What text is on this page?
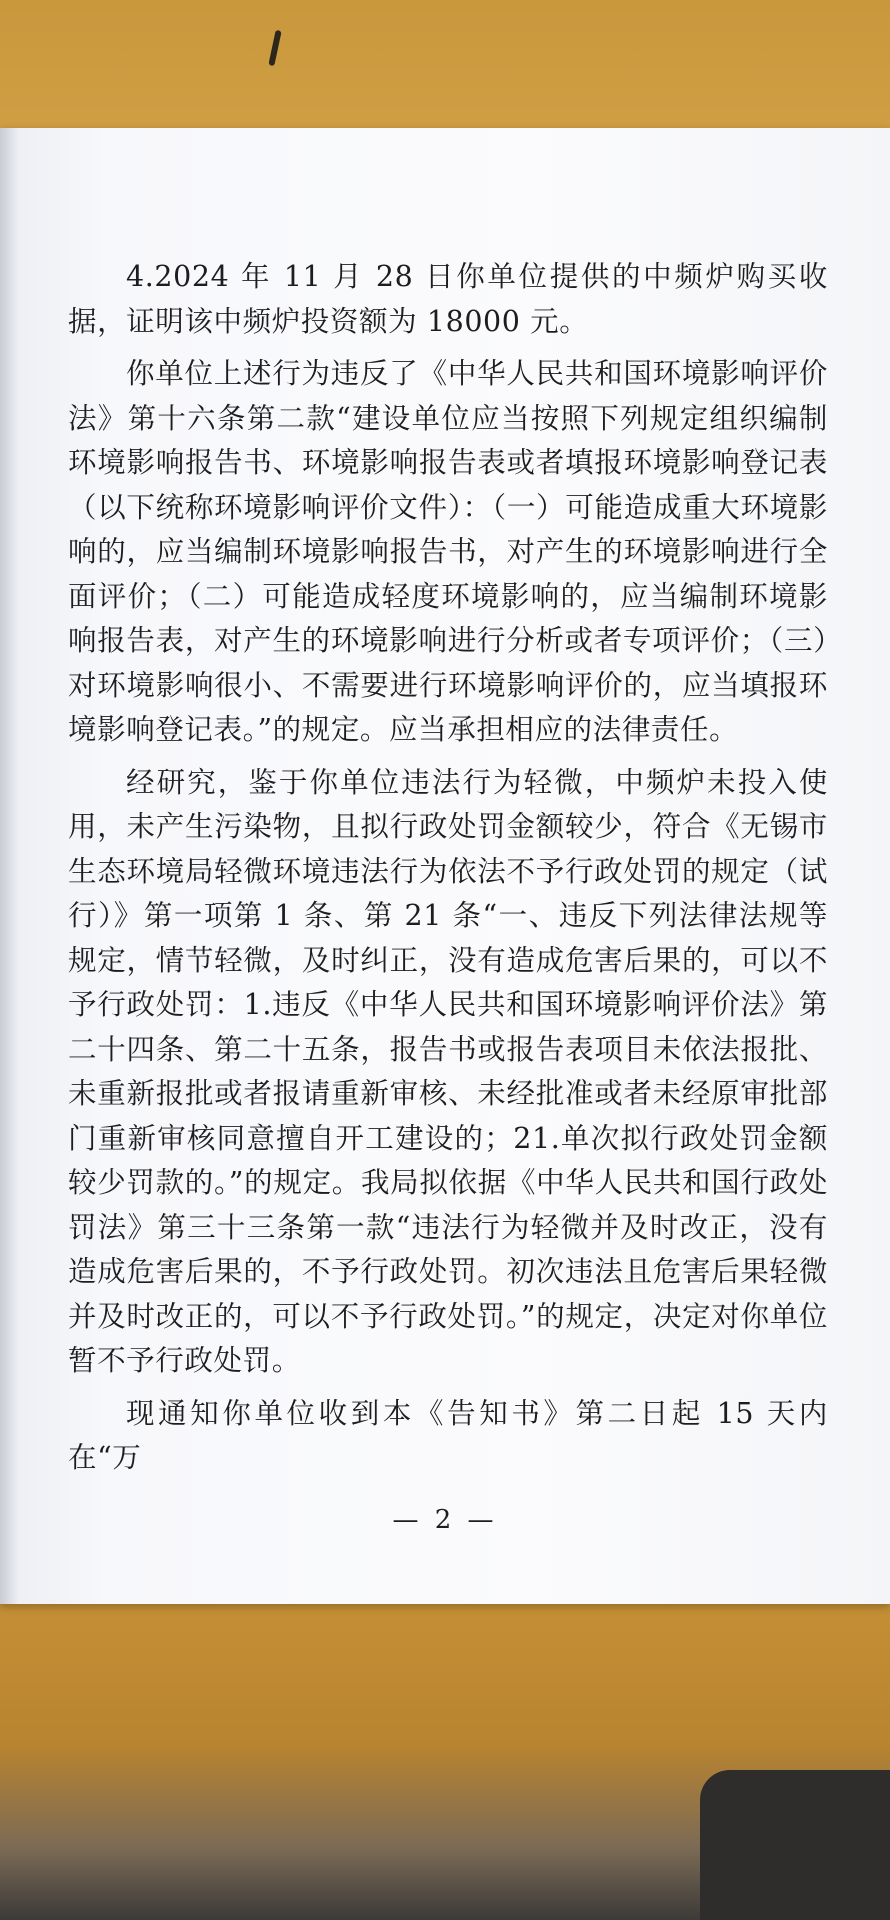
4.2024 年 11 月 28 日你单位提供的中频炉购买收据，证明该中频炉投资额为 18000 元。

你单位上述行为违反了《中华人民共和国环境影响评价法》第十六条第二款“建设单位应当按照下列规定组织编制环境影响报告书、环境影响报告表或者填报环境影响登记表（以下统称环境影响评价文件）：（一）可能造成重大环境影响的，应当编制环境影响报告书，对产生的环境影响进行全面评价；（二）可能造成轻度环境影响的，应当编制环境影响报告表，对产生的环境影响进行分析或者专项评价；（三）对环境影响很小、不需要进行环境影响评价的，应当填报环境影响登记表。”的规定。应当承担相应的法律责任。

经研究，鉴于你单位违法行为轻微，中频炉未投入使用，未产生污染物，且拟行政处罚金额较少，符合《无锡市生态环境局轻微环境违法行为依法不予行政处罚的规定（试行）》第一项第 1 条、第 21 条“一、违反下列法律法规等规定，情节轻微，及时纠正，没有造成危害后果的，可以不予行政处罚：1.违反《中华人民共和国环境影响评价法》第二十四条、第二十五条，报告书或报告表项目未依法报批、未重新报批或者报请重新审核、未经批准或者未经原审批部门重新审核同意擅自开工建设的；21.单次拟行政处罚金额较少罚款的。”的规定。我局拟依据《中华人民共和国行政处罚法》第三十三条第一款“违法行为轻微并及时改正，没有造成危害后果的，不予行政处罚。初次违法且危害后果轻微并及时改正的，可以不予行政处罚。”的规定，决定对你单位暂不予行政处罚。

现通知你单位收到本《告知书》第二日起 15 天内在“万

— 2 —
